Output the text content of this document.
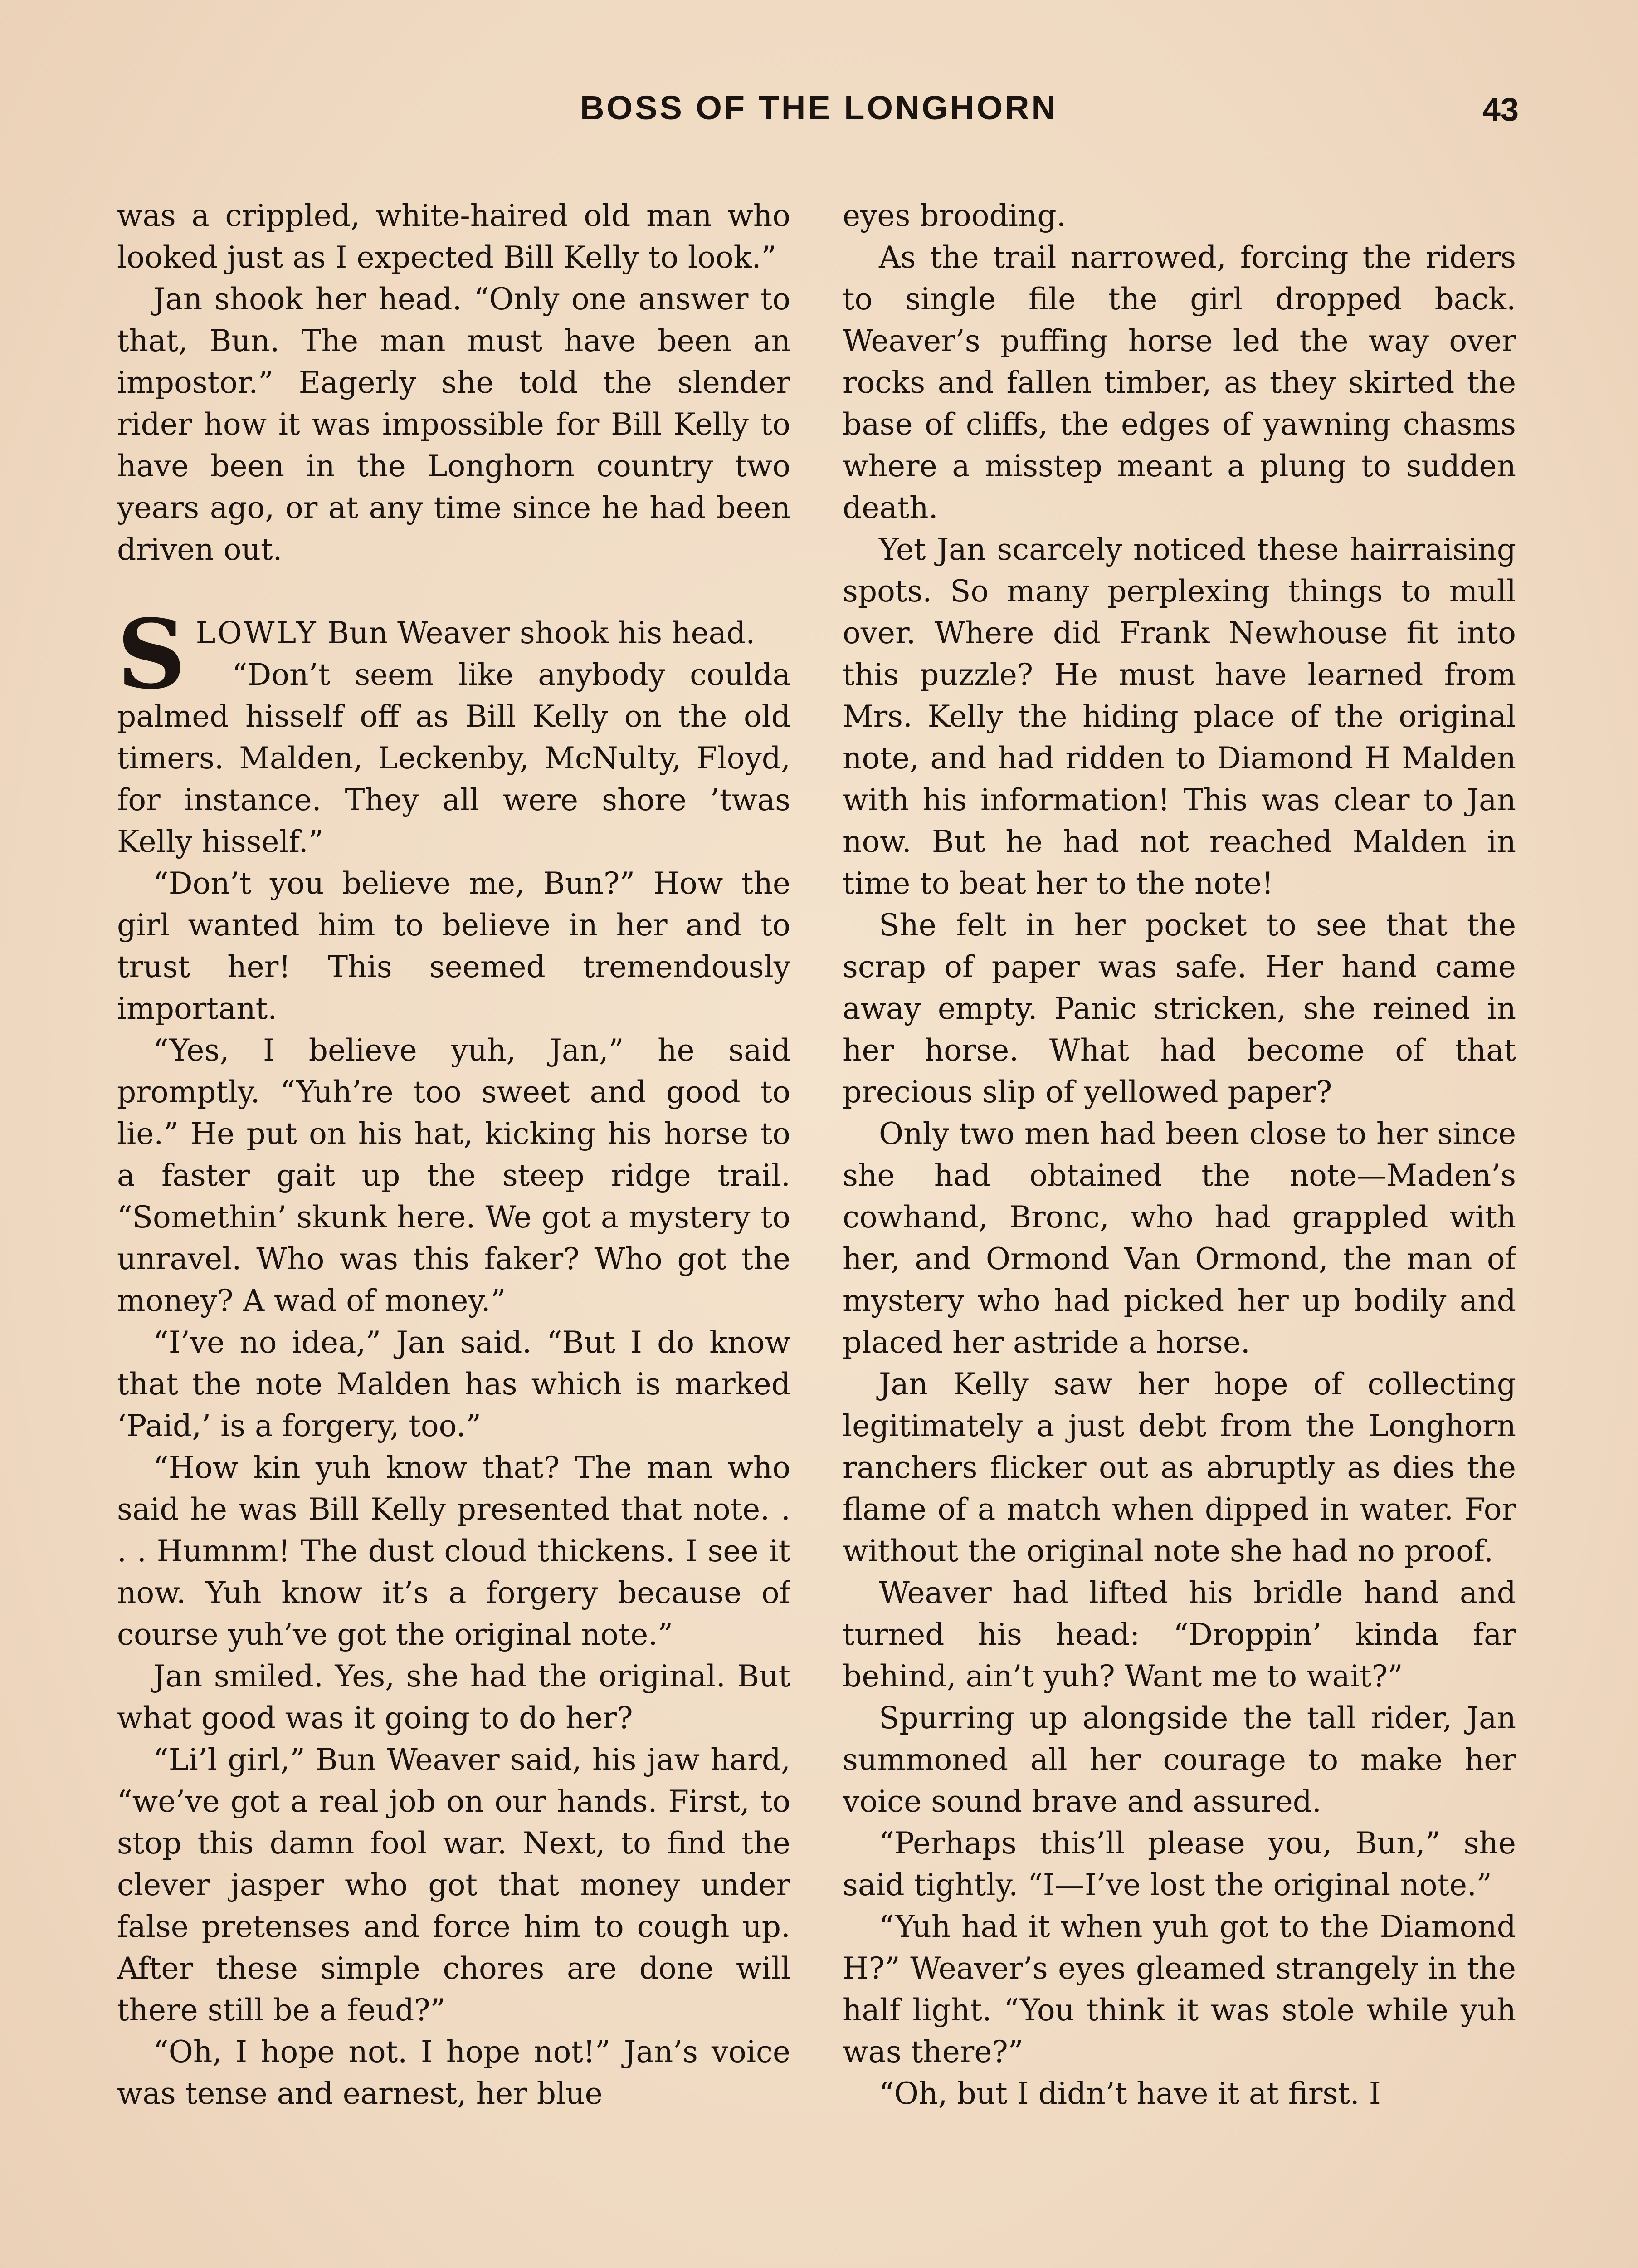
BOSS OF THE LONGHORN	43

was a crippled, white-haired old man who looked just as I expected Bill Kelly to look.”

Jan shook her head. “Only one answer to that, Bun. The man must have been an impostor.” Eagerly she told the slender rider how it was impossible for Bill Kelly to have been in the Longhorn country two years ago, or at any time since he had been driven out.

SLOWLY Bun Weaver shook his head.

“Don’t seem like anybody coulda palmed hisself off as Bill Kelly on the old timers. Malden, Leckenby, McNulty, Floyd, for instance. They all were shore ’twas Kelly hisself.”

“Don’t you believe me, Bun?” How the girl wanted him to believe in her and to trust her! This seemed tremendously important.

“Yes, I believe yuh, Jan,” he said promptly. “Yuh’re too sweet and good to lie.” He put on his hat, kicking his horse to a faster gait up the steep ridge trail. “Somethin’ skunk here. We got a mystery to unravel. Who was this faker? Who got the money? A wad of money.”

“I’ve no idea,” Jan said. “But I do know that the note Malden has which is marked ‘Paid,’ is a forgery, too.”

“How kin yuh know that? The man who said he was Bill Kelly presented that note. . . . Humnm! The dust cloud thickens. I see it now. Yuh know it’s a forgery because of course yuh’ve got the original note.”

Jan smiled. Yes, she had the original. But what good was it going to do her?

“Li’l girl,” Bun Weaver said, his jaw hard, “we’ve got a real job on our hands. First, to stop this damn fool war. Next, to find the clever jasper who got that money under false pretenses and force him to cough up. After these simple chores are done will there still be a feud?”

“Oh, I hope not. I hope not!” Jan’s voice was tense and earnest, her blue

eyes brooding.

As the trail narrowed, forcing the riders to single file the girl dropped back. Weaver’s puffing horse led the way over rocks and fallen timber, as they skirted the base of cliffs, the edges of yawning chasms where a misstep meant a plung to sudden death.

Yet Jan scarcely noticed these hairraising spots. So many perplexing things to mull over. Where did Frank Newhouse fit into this puzzle? He must have learned from Mrs. Kelly the hiding place of the original note, and had ridden to Diamond H Malden with his information! This was clear to Jan now. But he had not reached Malden in time to beat her to the note!

She felt in her pocket to see that the scrap of paper was safe. Her hand came away empty. Panic stricken, she reined in her horse. What had become of that precious slip of yellowed paper?

Only two men had been close to her since she had obtained the note—Maden’s cowhand, Bronc, who had grappled with her, and Ormond Van Ormond, the man of mystery who had picked her up bodily and placed her astride a horse.

Jan Kelly saw her hope of collecting legitimately a just debt from the Longhorn ranchers flicker out as abruptly as dies the flame of a match when dipped in water. For without the original note she had no proof.

Weaver had lifted his bridle hand and turned his head: “Droppin’ kinda far behind, ain’t yuh? Want me to wait?”

Spurring up alongside the tall rider, Jan summoned all her courage to make her voice sound brave and assured.

“Perhaps this’ll please you, Bun,” she said tightly. “I—I’ve lost the original note.”

“Yuh had it when yuh got to the Diamond H?” Weaver’s eyes gleamed strangely in the half light. “You think it was stole while yuh was there?”

“Oh, but I didn’t have it at first. I
